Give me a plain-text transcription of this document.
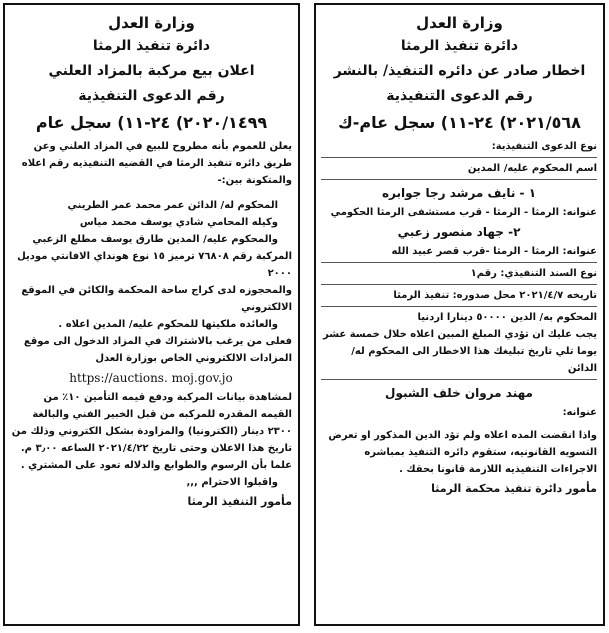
وزارة العدل
دائرة تنفيذ الرمثا
اخطار صادر عن دائره التنفيذ/ بالنشر
رقم الدعوى التنفيذية
٢٠٢١/٥٦٨) ٢٤-١١) سجل عام-ك

نوع الدعوى التنفيذية:

اسم المحكوم عليه/ المدين

١ - نايف مرشد رجا جوابره

عنوانه: الرمثا - الرمثا - قرب مستشفى الرمثا الحكومي

٢- جهاد منصور زعبي

عنوانه: الرمثا - الرمثا -قرب قصر عبيد الله

نوع السند التنفيذي: رقم١

تاريخه ٢٠٢١/٤/٧ محل صدوره: تنفيذ الرمثا

المحكوم به/ الدين ٥٠٠٠٠ دينارا اردنيا

يجب عليك ان تؤدي المبلغ المبين اعلاه خلال خمسة عشر يوما تلي تاريخ تبليغك هذا الاخطار الى المحكوم له/ الدائن

مهند مروان خلف الشبول

عنوانه:

واذا انقضت المده اعلاه ولم تؤد الدين المذكور او تعرض التسويه القانونيه، ستقوم دائره التنفيذ بمباشره الاجراءات التنفيذيه اللازمة قانونا بحقك .

مأمور دائرة تنفيذ محكمة الرمثا

وزارة العدل
دائرة تنفيذ الرمثا
اعلان بيع مركبة بالمزاد العلني
رقم الدعوى التنفيذية
٢٠٢٠/١٤٩٩) ٢٤-١١) سجل عام

يعلن للعموم بأنه مطروح للبيع في المزاد العلني وعن طريق دائره تنفيذ الرمثا في القضيه التنفيذيه رقم اعلاه والمتكونة بين:-

المحكوم له/ الدائن عمر محمد عمر الطريني

وكيله المحامي شادي يوسف محمد مياس

والمحكوم عليه/ المدين طارق يوسف مطلع الزعبي

المركبة رقم ٧٦٨٠٨ ترميز ١٥ نوع هونداي الافانتي موديل ٢٠٠٠

والمحجوزه لدى كراج ساحة المحكمة والكائن في الموقع الالكتروني

والعائده ملكيتها للمحكوم عليه/ المدين اعلاه .

فعلى من يرغب بالاشتراك في المزاد الدخول الى موقع المزادات الالكتروني الخاص بوزارة العدل

https://auctions. moj.gov.jo

لمشاهدة بيانات المركبة ودفع قيمه التأمين ١٠٪ من القيمه المقدره للمركبه من قبل الخبير الفني والبالغة ٢٣٠٠ دينار (الكترونيا) والمزاودة بشكل الكتروني وذلك من تاريخ هذا الاعلان وحتى تاريخ ٢٠٢١/٤/٢٢ الساعه ٣٫٠٠ م.

علما بأن الرسوم والطوابع والدلاله تعود على المشتري .

واقبلوا الاحترام ,,,

مأمور التنفيذ الرمثا
